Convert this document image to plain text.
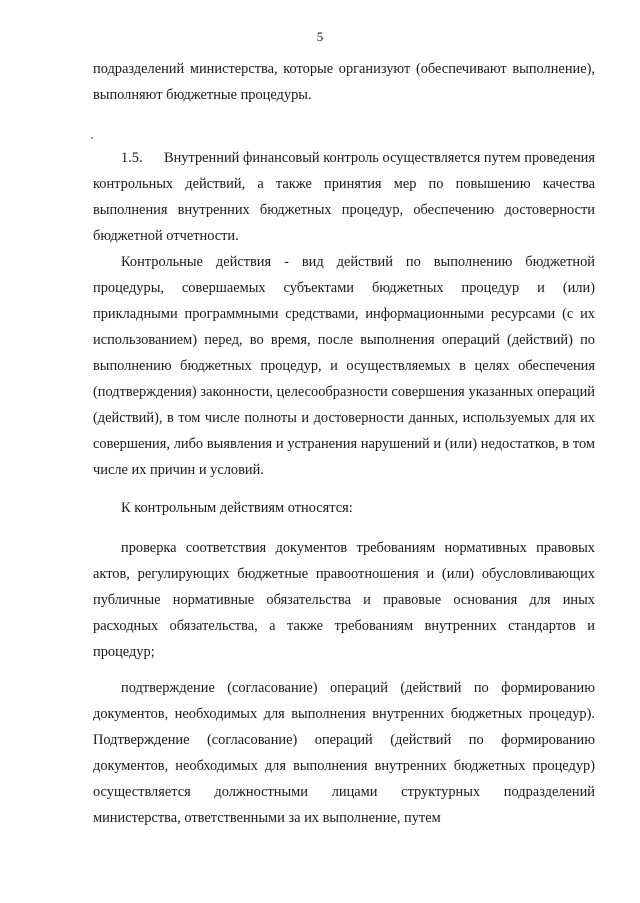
5

подразделений министерства, которые организуют (обеспечивают выполнение), выполняют бюджетные процедуры.

1.5. Внутренний финансовый контроль осуществляется путем проведения контрольных действий, а также принятия мер по повышению качества выполнения внутренних бюджетных процедур, обеспечению достоверности бюджетной отчетности.

Контрольные действия - вид действий по выполнению бюджетной процедуры, совершаемых субъектами бюджетных процедур и (или) прикладными программными средствами, информационными ресурсами (с их использованием) перед, во время, после выполнения операций (действий) по выполнению бюджетных процедур, и осуществляемых в целях обеспечения (подтверждения) законности, целесообразности совершения указанных операций (действий), в том числе полноты и достоверности данных, используемых для их совершения, либо выявления и устранения нарушений и (или) недостатков, в том числе их причин и условий.

К контрольным действиям относятся:

проверка соответствия документов требованиям нормативных правовых актов, регулирующих бюджетные правоотношения и (или) обусловливающих публичные нормативные обязательства и правовые основания для иных расходных обязательства, а также требованиям внутренних стандартов и процедур;

подтверждение (согласование) операций (действий по формированию документов, необходимых для выполнения внутренних бюджетных процедур). Подтверждение (согласование) операций (действий по формированию документов, необходимых для выполнения внутренних бюджетных процедур) осуществляется должностными лицами структурных подразделений министерства, ответственными за их выполнение, путем
